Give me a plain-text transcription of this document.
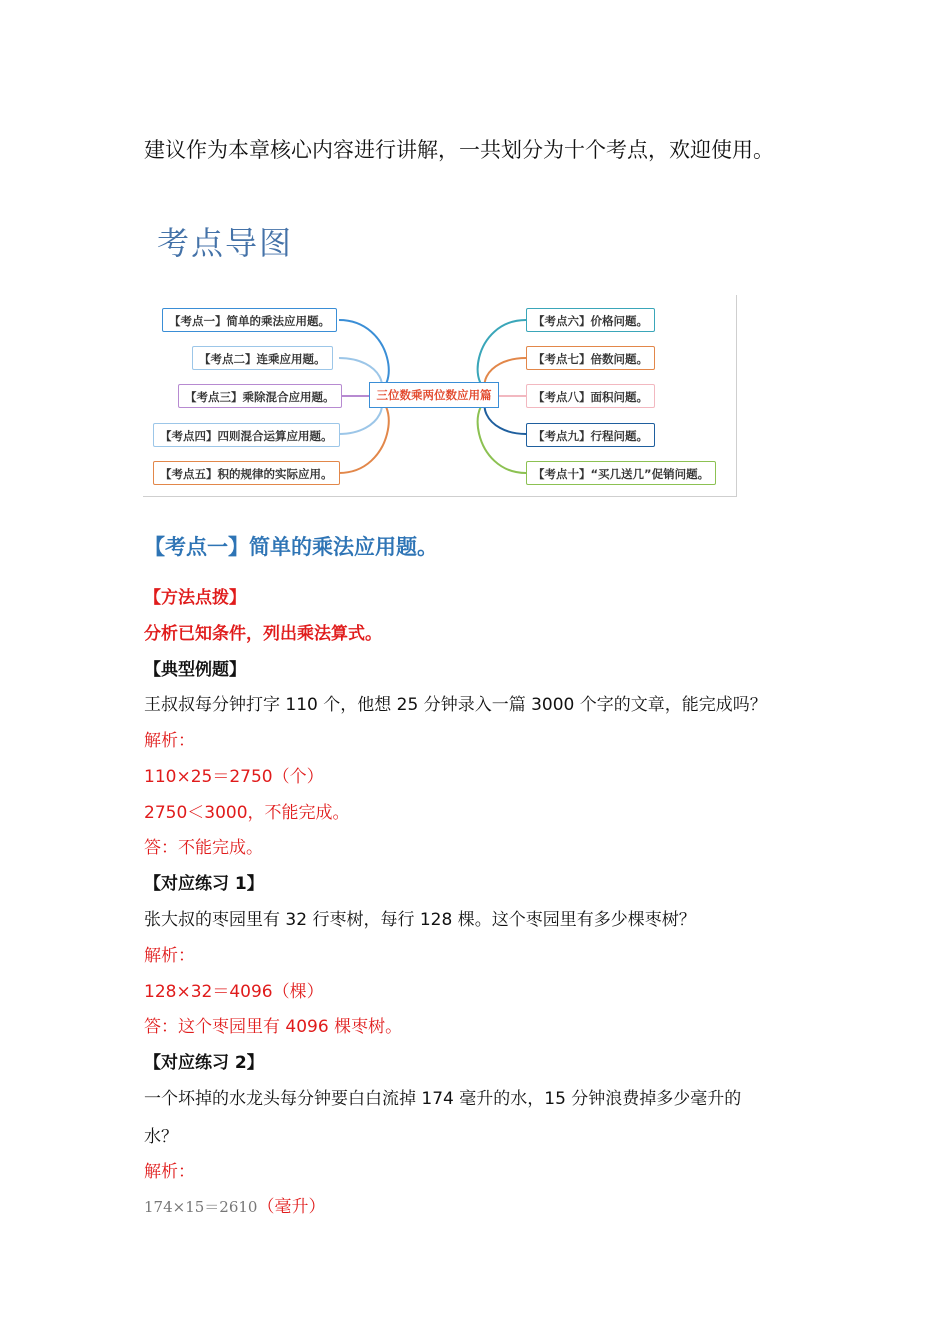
建议作为本章核心内容进行讲解，一共划分为十个考点，欢迎使用。
考点导图
三位数乘两位数应用篇
【考点一】简单的乘法应用题。
【考点二】连乘应用题。
【考点三】乘除混合应用题。
【考点四】四则混合运算应用题。
【考点五】积的规律的实际应用。
【考点六】价格问题。
【考点七】倍数问题。
【考点八】面积问题。
【考点九】行程问题。
【考点十】“买几送几”促销问题。
【考点一】简单的乘法应用题。
【方法点拨】
分析已知条件，列出乘法算式。
【典型例题】
王叔叔每分钟打字 110 个，他想 25 分钟录入一篇 3000 个字的文章，能完成吗？
解析：
110×25＝2750（个）
2750＜3000，不能完成。
答：不能完成。
【对应练习 1】
张大叔的枣园里有 32 行枣树，每行 128 棵。这个枣园里有多少棵枣树？
解析：
128×32＝4096（棵）
答：这个枣园里有 4096 棵枣树。
【对应练习 2】
一个坏掉的水龙头每分钟要白白流掉 174 毫升的水，15 分钟浪费掉多少毫升的
水？
解析：
174×15＝2610（毫升）
